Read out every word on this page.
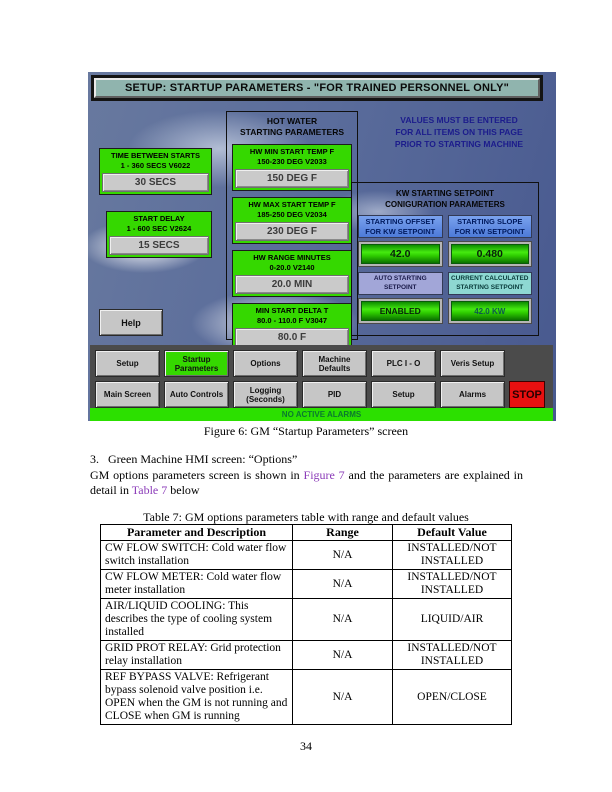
SETUP: STARTUP PARAMETERS - "FOR TRAINED PERSONNEL ONLY"
TIME BETWEEN STARTS
1 - 360 SECS V6022
30 SECS
START DELAY
1 - 600 SEC V2624
15 SECS
Help
HOT WATER
STARTING PARAMETERS
HW MIN START TEMP F
150-230 DEG V2033
150 DEG F
HW MAX START TEMP F
185-250 DEG V2034
230 DEG F
HW RANGE MINUTES
0-20.0 V2140
20.0 MIN
MIN START DELTA T
80.0 - 110.0 F V3047
80.0 F
VALUES MUST BE ENTERED
FOR ALL ITEMS ON THIS PAGE
PRIOR TO STARTING MACHINE
KW STARTING SETPOINT
CONIGURATION PARAMETERS
STARTING OFFSET
FOR KW SETPOINT
42.0
STARTING SLOPE
FOR KW SETPOINT
0.480
AUTO STARTING
SETPOINT
ENABLED
CURRENT CALCULATED
STARTING SETPOINT
42.0 KW
Setup	Startup Parameters	Options	Machine Defaults	PLC I - O	Veris Setup
Main Screen	Auto Controls	Logging (Seconds)	PID	Setup	Alarms	STOP
NO ACTIVE ALARMS
Figure 6: GM “Startup Parameters” screen
3. Green Machine HMI screen: “Options”
GM options parameters screen is shown in Figure 7 and the parameters are explained in detail in Table 7 below
Table 7: GM options parameters table with range and default values
Parameter and Description	Range	Default Value
CW FLOW SWITCH: Cold water flow switch installation	N/A	INSTALLED/NOT INSTALLED
CW FLOW METER: Cold water flow meter installation	N/A	INSTALLED/NOT INSTALLED
AIR/LIQUID COOLING: This describes the type of cooling system installed	N/A	LIQUID/AIR
GRID PROT RELAY: Grid protection relay installation	N/A	INSTALLED/NOT INSTALLED
REF BYPASS VALVE: Refrigerant bypass solenoid valve position i.e. OPEN when the GM is not running and CLOSE when GM is running	N/A	OPEN/CLOSE
34
